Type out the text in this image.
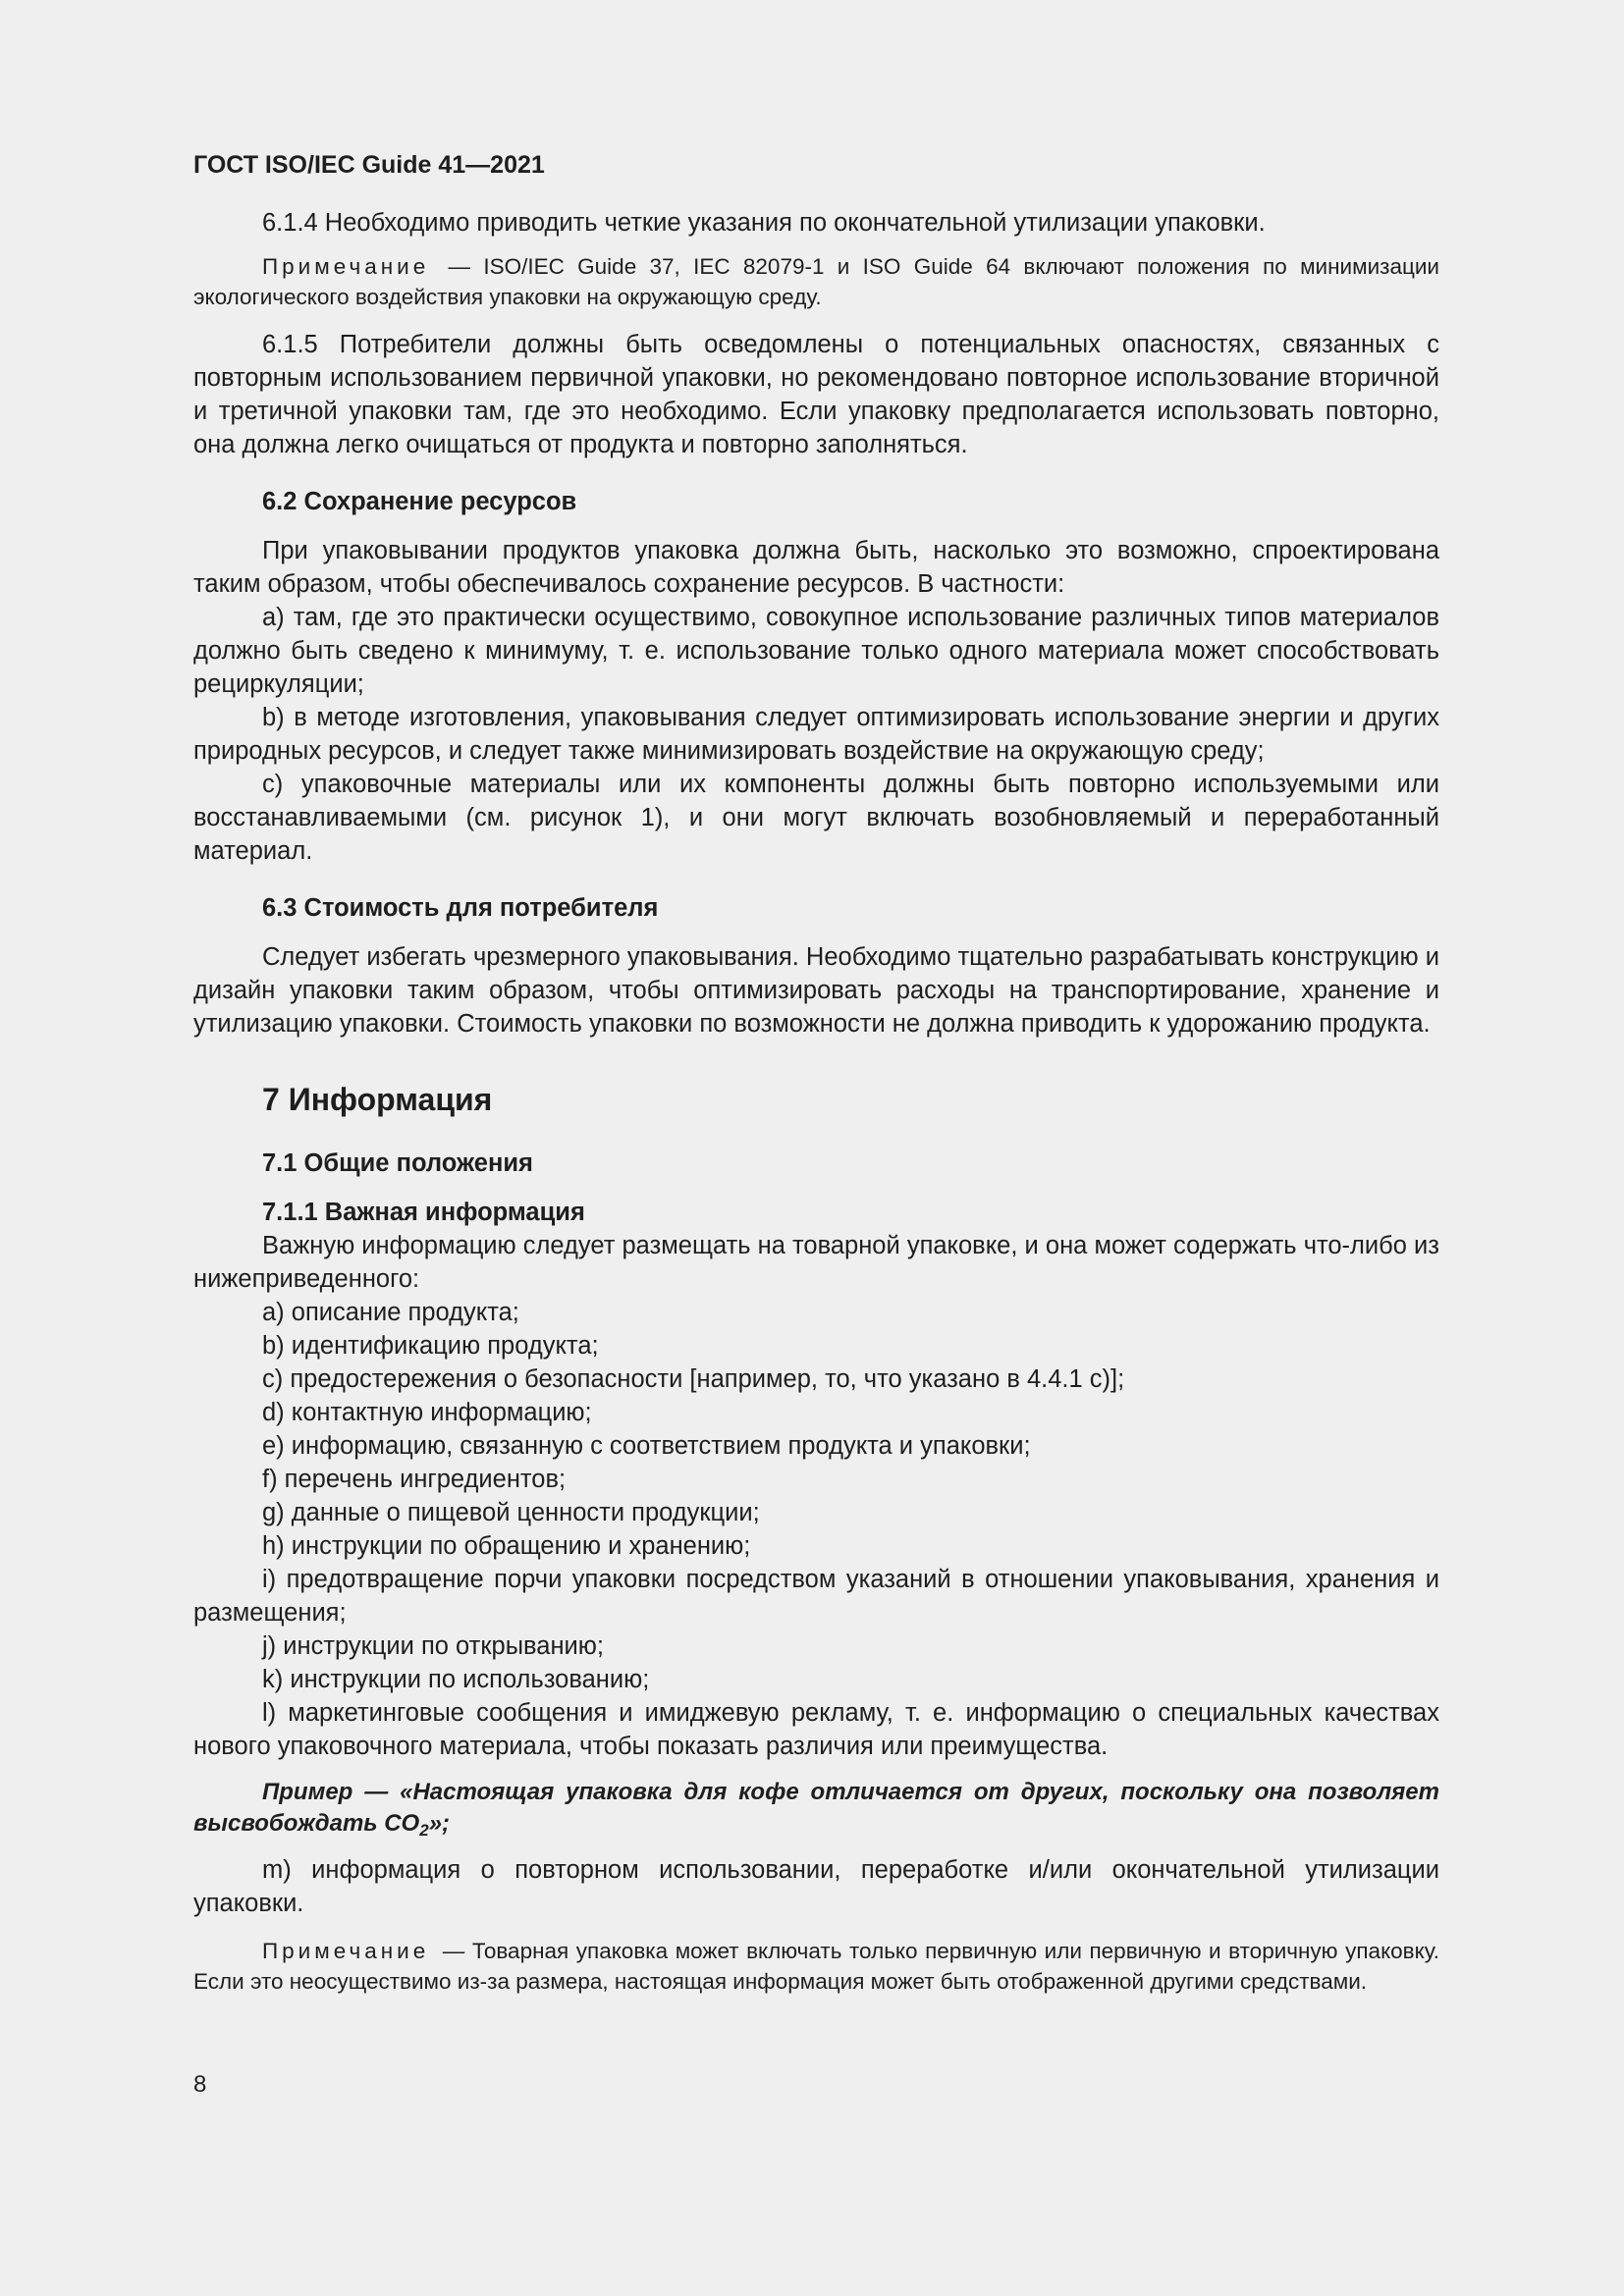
ГОСТ ISO/IEC Guide 41—2021

6.1.4 Необходимо приводить четкие указания по окончательной утилизации упаковки.

Примечание — ISO/IEC Guide 37, IEC 82079-1 и ISO Guide 64 включают положения по минимизации экологического воздействия упаковки на окружающую среду.

6.1.5 Потребители должны быть осведомлены о потенциальных опасностях, связанных с повторным использованием первичной упаковки, но рекомендовано повторное использование вторичной и третичной упаковки там, где это необходимо. Если упаковку предполагается использовать повторно, она должна легко очищаться от продукта и повторно заполняться.

6.2 Сохранение ресурсов

При упаковывании продуктов упаковка должна быть, насколько это возможно, спроектирована таким образом, чтобы обеспечивалось сохранение ресурсов. В частности:

a) там, где это практически осуществимо, совокупное использование различных типов материалов должно быть сведено к минимуму, т. е. использование только одного материала может способствовать рециркуляции;

b) в методе изготовления, упаковывания следует оптимизировать использование энергии и других природных ресурсов, и следует также минимизировать воздействие на окружающую среду;

c) упаковочные материалы или их компоненты должны быть повторно используемыми или восстанавливаемыми (см. рисунок 1), и они могут включать возобновляемый и переработанный материал.

6.3 Стоимость для потребителя

Следует избегать чрезмерного упаковывания. Необходимо тщательно разрабатывать конструкцию и дизайн упаковки таким образом, чтобы оптимизировать расходы на транспортирование, хранение и утилизацию упаковки. Стоимость упаковки по возможности не должна приводить к удорожанию продукта.

7 Информация
7.1 Общие положения
7.1.1 Важная информация

Важную информацию следует размещать на товарной упаковке, и она может содержать что-либо из нижеприведенного:

a) описание продукта;

b) идентификацию продукта;

c) предостережения о безопасности [например, то, что указано в 4.4.1 c)];

d) контактную информацию;

e) информацию, связанную с соответствием продукта и упаковки;

f) перечень ингредиентов;

g) данные о пищевой ценности продукции;

h) инструкции по обращению и хранению;

i) предотвращение порчи упаковки посредством указаний в отношении упаковывания, хранения и размещения;

j) инструкции по открыванию;

k) инструкции по использованию;

l) маркетинговые сообщения и имиджевую рекламу, т. е. информацию о специальных качествах нового упаковочного материала, чтобы показать различия или преимущества.

Пример — «Настоящая упаковка для кофе отличается от других, поскольку она позволяет высвобождать $CO_2$»;

m) информация о повторном использовании, переработке и/или окончательной утилизации упаковки.

Примечание — Товарная упаковка может включать только первичную или первичную и вторичную упаковку. Если это неосуществимо из-за размера, настоящая информация может быть отображенной другими средствами.

8
